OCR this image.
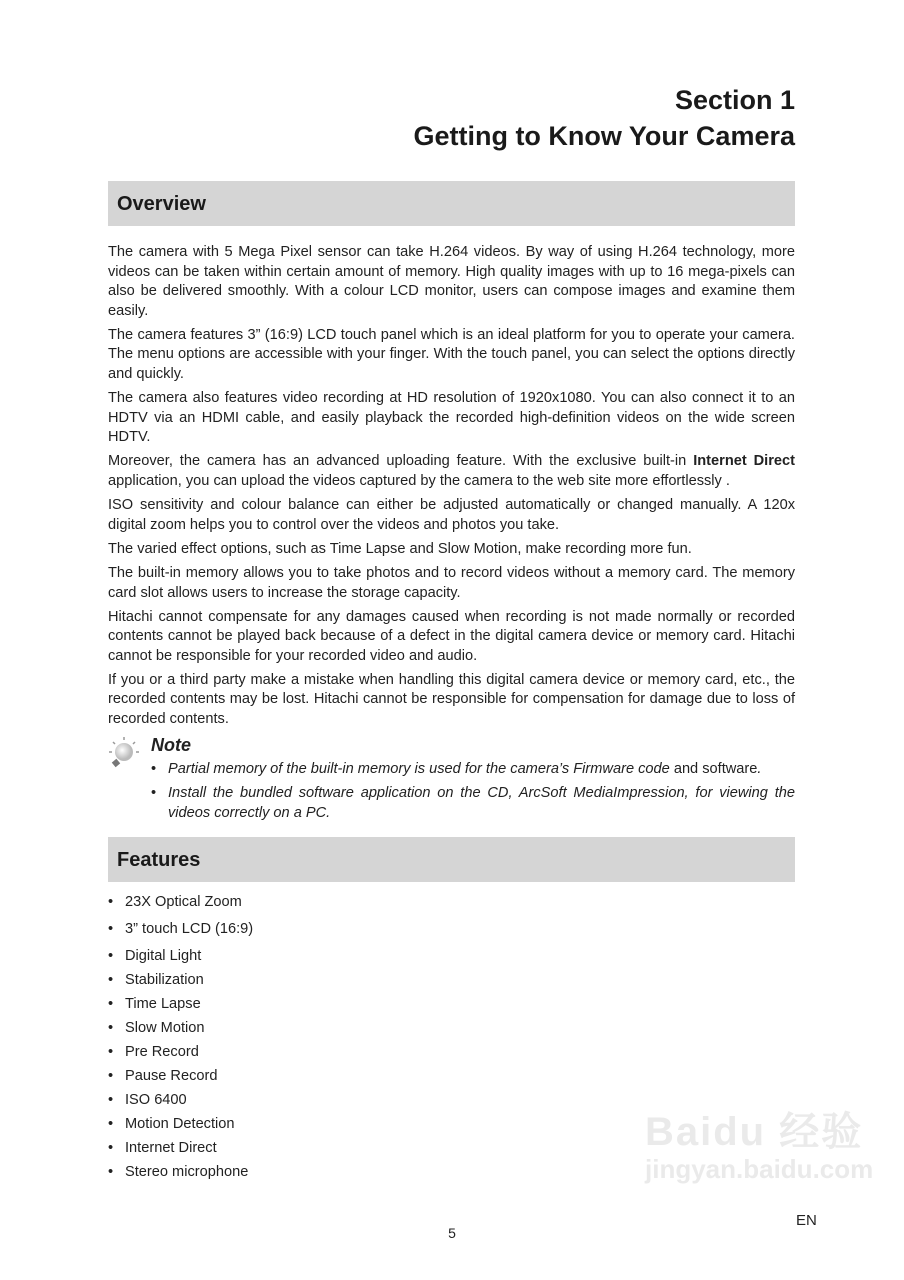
Section 1
Getting to Know Your Camera
Overview

The camera with 5 Mega Pixel sensor can take H.264 videos. By way of using H.264 technology, more videos can be taken within certain amount of memory. High quality images with up to 16 mega-pixels can also be delivered smoothly. With a colour LCD monitor, users can compose images and examine them easily.

The camera features 3” (16:9) LCD touch panel which is an ideal platform for you to operate your camera. The menu options are accessible with your finger. With the touch panel, you can select the options directly and quickly.

The camera also features video recording at HD resolution of 1920x1080. You can also connect it to an HDTV via an HDMI cable, and easily playback the recorded high-definition videos on the wide screen HDTV.

Moreover, the camera has an advanced uploading feature. With the exclusive built-in Internet Direct application, you can upload the videos captured by the camera to the web site more effortlessly .

ISO sensitivity and colour balance can either be adjusted automatically or changed manually. A 120x digital zoom helps you to control over the videos and photos you take.

The varied effect options, such as Time Lapse and Slow Motion, make recording more fun.

The built-in memory allows you to take photos and to record videos without a memory card. The memory card slot allows users to increase the storage capacity.

Hitachi cannot compensate for any damages caused when recording is not made normally or recorded contents cannot be played back because of a defect in the digital camera device or memory card. Hitachi cannot be responsible for your recorded video and audio.

If you or a third party make a mistake when handling this digital camera device or memory card, etc., the recorded contents may be lost. Hitachi cannot be responsible for compensation for damage due to loss of recorded contents.

Note
• Partial memory of the built-in memory is used for the camera’s Firmware code and software.
• Install the bundled software application on the CD, ArcSoft MediaImpression, for viewing the videos correctly on a PC.
Features
• 23X Optical Zoom
• 3” touch LCD (16:9)
• Digital Light
• Stabilization
• Time Lapse
• Slow Motion
• Pre Record
• Pause Record
• ISO 6400
• Motion Detection
• Internet Direct
• Stereo microphone
Baidu 经验
jingyan.baidu.com
EN
5
